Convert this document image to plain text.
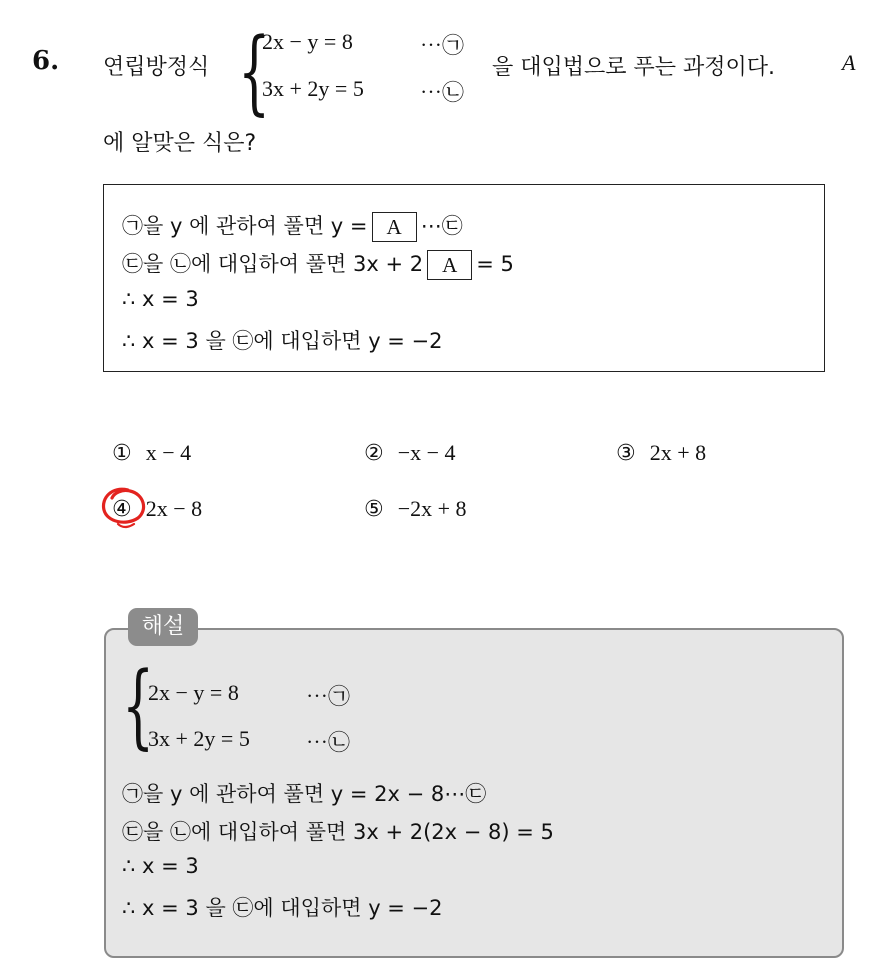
6. 연립방정식 {
2x − y = 8	⋯㉠
3x + 2y = 5	⋯㉡
을 대입법으로 푸는 과정이다.	A
에 알맞은 식은?
㉠을 y 에 관하여 풀면 y = A ⋯㉢
㉢을 ㉡에 대입하여 풀면 3x + 2 A = 5
∴ x = 3
∴ x = 3 을 ㉢에 대입하면 y = −2
① x − 4	② −x − 4	③ 2x + 8
④ 2x − 8	⑤ −2x + 8
해설
{
2x − y = 8	⋯㉠
3x + 2y = 5	⋯㉡
㉠을 y 에 관하여 풀면 y = 2x − 8⋯㉢
㉢을 ㉡에 대입하여 풀면 3x + 2(2x − 8) = 5
∴ x = 3
∴ x = 3 을 ㉢에 대입하면 y = −2
